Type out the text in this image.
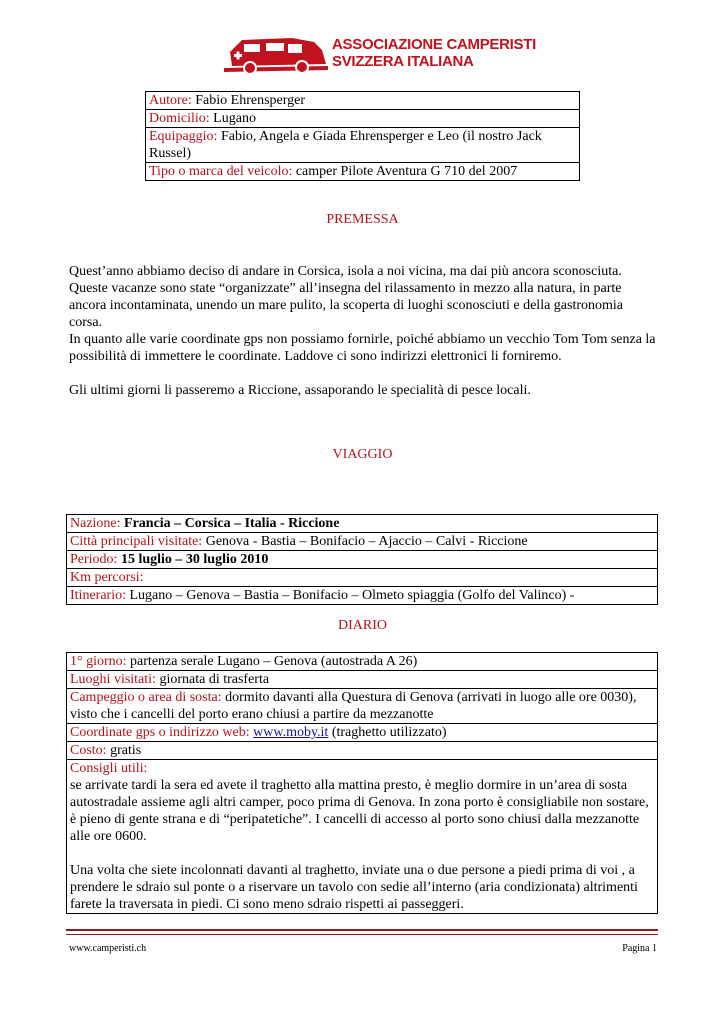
ASSOCIAZIONE CAMPERISTI
SVIZZERA ITALIANA
Autore: Fabio Ehrensperger
Domicilio: Lugano
Equipaggio: Fabio, Angela e Giada Ehrensperger e Leo (il nostro Jack Russel)
Tipo o marca del veicolo: camper Pilote Aventura G 710 del 2007
PREMESSA

Quest’anno abbiamo deciso di andare in Corsica, isola a noi vicina, ma dai più ancora sconosciuta. Queste vacanze sono state “organizzate” all’insegna del rilassamento in mezzo alla natura, in parte ancora incontaminata, unendo un mare pulito, la scoperta di luoghi sconosciuti e della gastronomia corsa.

In quanto alle varie coordinate gps non possiamo fornirle, poiché abbiamo un vecchio Tom Tom senza la possibilità di immettere le coordinate. Laddove ci sono indirizzi elettronici li forniremo.

Gli ultimi giorni li passeremo a Riccione, assaporando le specialità di pesce locali.

VIAGGIO
Nazione: Francia – Corsica – Italia - Riccione
Città principali visitate: Genova - Bastia – Bonifacio – Ajaccio – Calvi - Riccione
Periodo: 15 luglio – 30 luglio 2010
Km percorsi:
Itinerario: Lugano – Genova – Bastia – Bonifacio – Olmeto spiaggia (Golfo del Valinco) -
DIARIO
1° giorno: partenza serale Lugano – Genova (autostrada A 26)
Luoghi visitati: giornata di trasferta
Campeggio o area di sosta: dormito davanti alla Questura di Genova (arrivati in luogo alle ore 0030), visto che i cancelli del porto erano chiusi a partire da mezzanotte
Coordinate gps o indirizzo web: www.moby.it (traghetto utilizzato)
Costo: gratis

Consigli utili:
se arrivate tardi la sera ed avete il traghetto alla mattina presto, è meglio dormire in un’area di sosta autostradale assieme agli altri camper, poco prima di Genova. In zona porto è consigliabile non sostare, è pieno di gente strana e di “peripatetiche”. I cancelli di accesso al porto sono chiusi dalla mezzanotte alle ore 0600.
Una volta che siete incolonnati davanti al traghetto, inviate una o due persone a piedi prima di voi , a prendere le sdraio sul ponte o a riservare un tavolo con sedie all’interno (aria condizionata) altrimenti farete la traversata in piedi. Ci sono meno sdraio rispetti ai passeggeri.
www.camperisti.ch	Pagina 1
